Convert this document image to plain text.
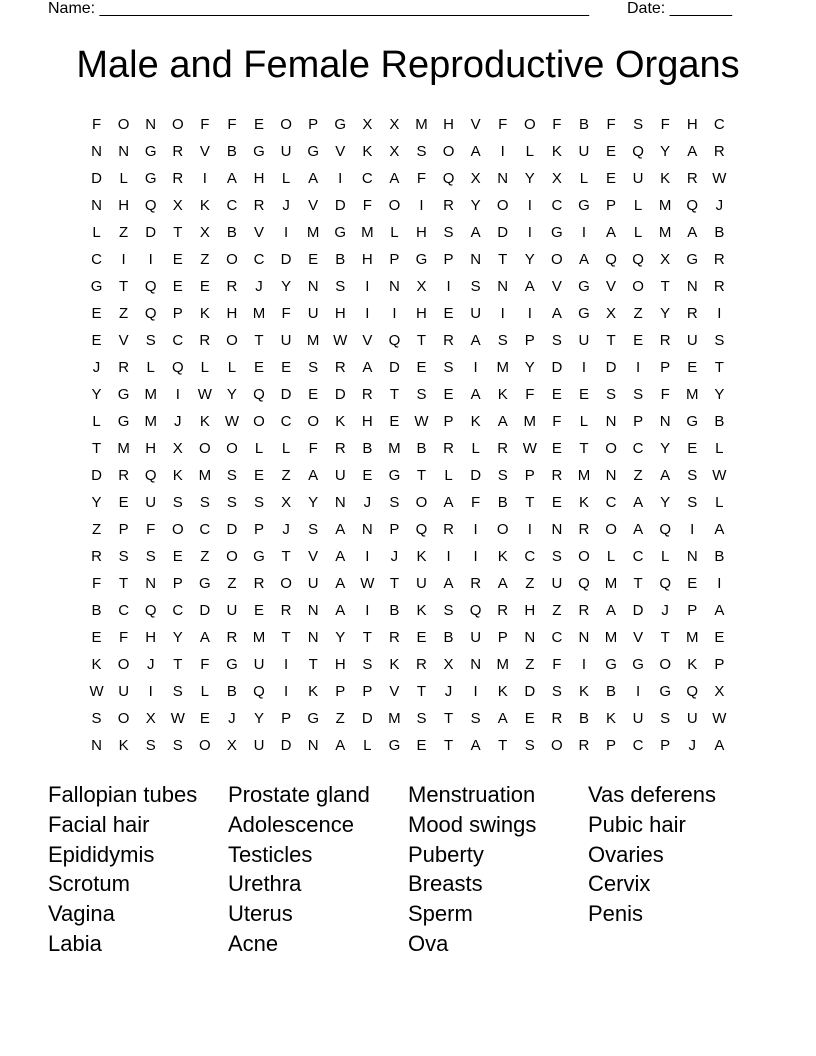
Name: _______________________________________________________ Date: _______
Male and Female Reproductive Organs
F	O	N	O	F	F	E	O	P	G	X	X	M	H	V	F	O	F	B	F	S	F	H	C
N	N	G	R	V	B	G	U	G	V	K	X	S	O	A	I	L	K	U	E	Q	Y	A	R
D	L	G	R	I	A	H	L	A	I	C	A	F	Q	X	N	Y	X	L	E	U	K	R W
N	H	Q	X	K	C	R	J	V	D	F	O	I	R	Y	O	I	C	G	P	L	M	Q	J
L	Z	D	T	X	B	V	I	M	G M	L	H	S	A	D	I	G	I	A	L	M	A	B
C	I	I	E	Z	O	C	D	E	B	H	P	G	P	N	T	Y	O	A	Q	Q	X	G	R
G	T	Q	E	E	R	J	Y	N	S	I	N	X	I	S	N	A	V	G	V	O	T	N	R
E	Z	Q	P	K	H	M	F	U	H	I	I	H	E	U	I	I	A	G	X	Z	Y	R	I
E	V	S	C	R	O	T	U	M W V	Q	T	R	A	S	P	S	U	T	E	R	U	S
J	R	L	Q	L	L	E	E	S	R	A	D	E	S	I	M	Y	D	I	D	I	P	E	T
Y	G M	I	W Y	Q	D	E	D	R	T	S	E	A	K	F	E	E	S	S	F	M	Y
L	G M	J	K W O	C	O	K	H	E W P	K	A	M	F	L	N	P	N	G	B
T	M	H	X	O	O	L	L	F	R	B	M	B	R	L	R W E	T	O	C	Y	E	L
D	R	Q	K	M	S	E	Z	A	U	E	G	T	L	D	S	P	R	M	N	Z	A	S W
Y	E	U	S	S	S	S	X	Y	N	J	S	O	A	F	B	T	E	K	C	A	Y	S	L
Z	P	F	O	C	D	P	J	S	A	N	P	Q	R	I	O	I	N	R	O	A	Q	I	A
R	S	S	E	Z	O	G	T	V	A	I	J	K	I	I	K	C	S	O	L	C	L	N	B
F	T	N	P	G	Z	R	O	U	A W	T	U	A	R	A	Z	U	Q M	T	Q	E	I
B	C	Q	C	D	U	E	R	N	A	I	B	K	S	Q	R	H	Z	R	A	D	J	P	A
E	F	H	Y	A	R	M	T	N	Y	T	R	E	B	U	P	N	C	N	M	V	T	M	E
K	O	J	T	F	G	U	I	T	H	S	K	R	X	N	M	Z	F	I	G	G	O	K	P
W U	I	S	L	B	Q	I	K	P	P	V	T	J	I	K	D	S	K	B	I	G	Q	X
S	O	X W E	J	Y	P	G	Z	D	M	S	T	S	A	E	R	B	K	U	S	U W
N	K	S	S	O	X	U	D	N	A	L	G	E	T	A	T	S	O	R	P	C	P	J	A
Fallopian tubes
Facial hair
Epididymis
Scrotum
Vagina
Labia
Prostate gland
Adolescence
Testicles
Urethra
Uterus
Acne
Menstruation
Mood swings
Puberty
Breasts
Sperm
Ova
Vas deferens
Pubic hair
Ovaries
Cervix
Penis
